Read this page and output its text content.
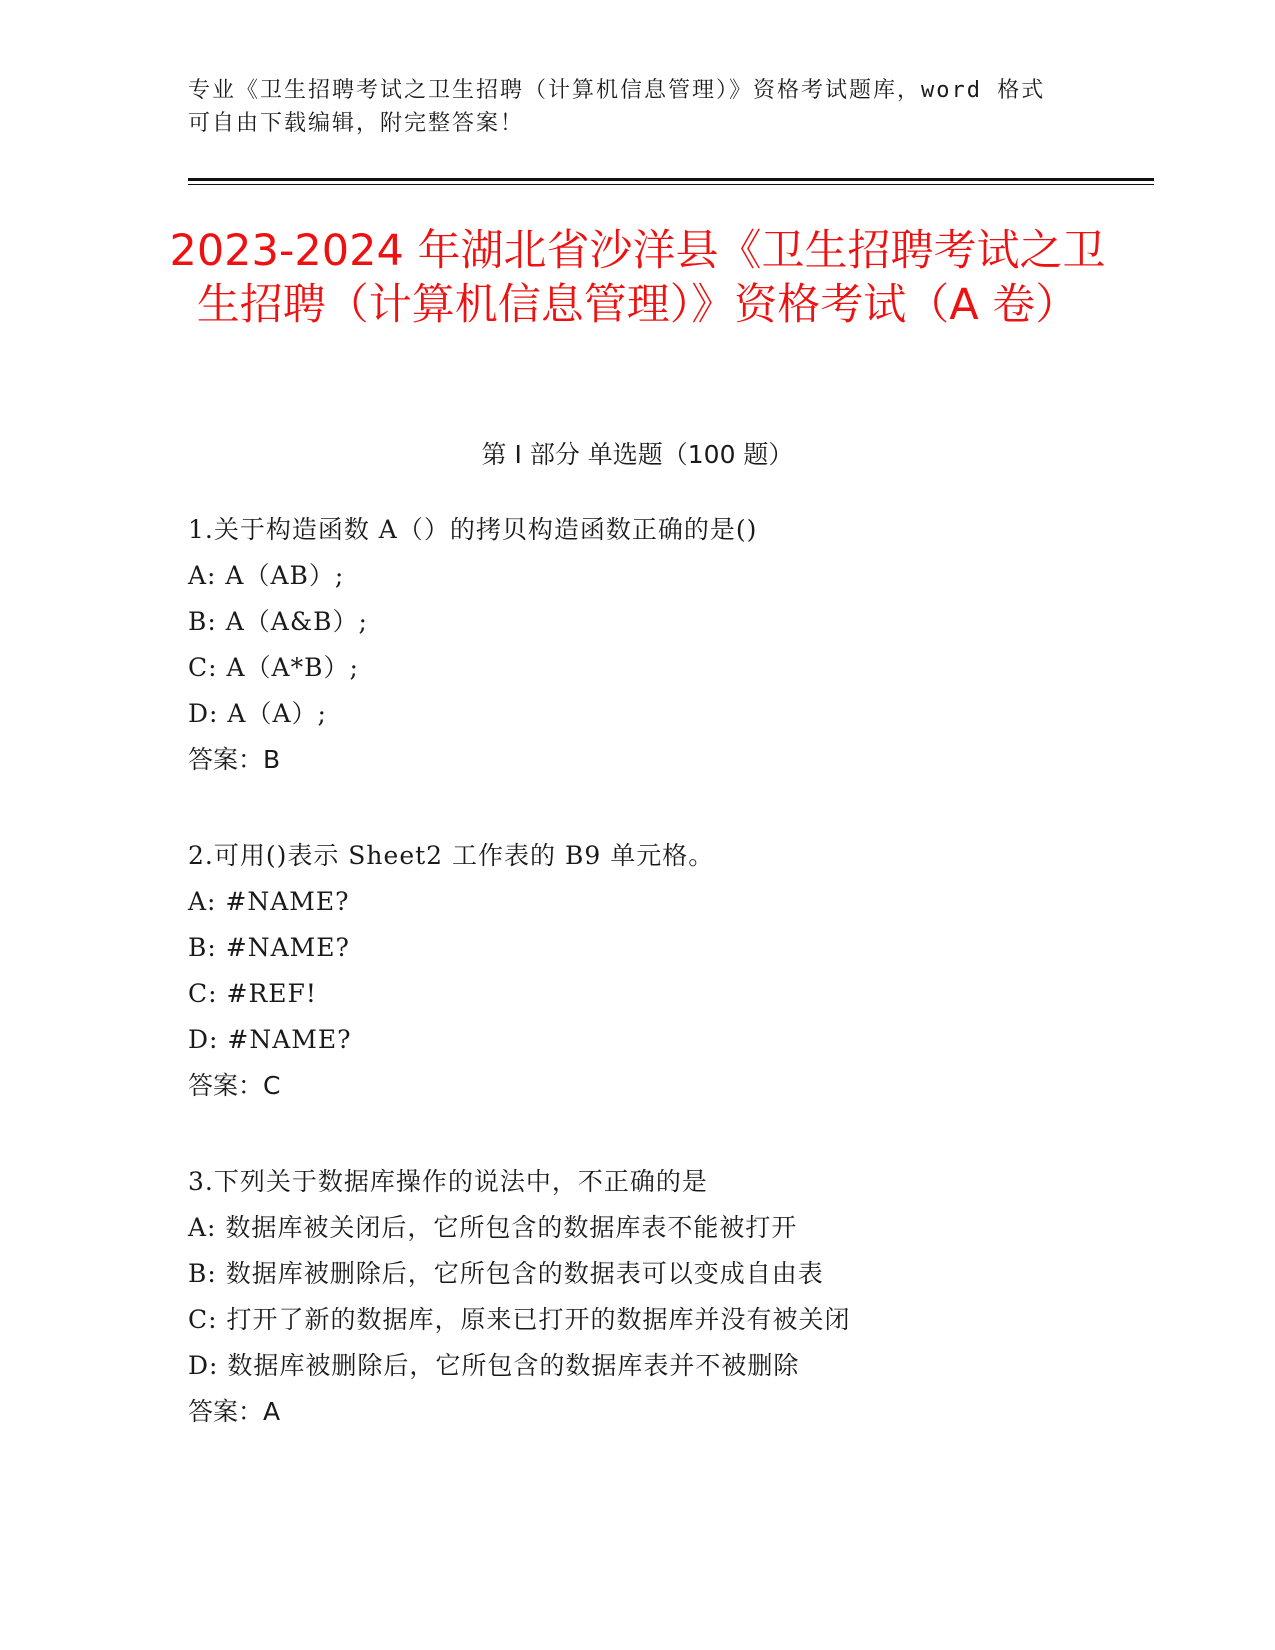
专业《卫生招聘考试之卫生招聘（计算机信息管理）》资格考试题库，word 格式可自由下载编辑，附完整答案！
2023-2024 年湖北省沙洋县《卫生招聘考试之卫生招聘（计算机信息管理）》资格考试（A 卷）
第 I 部分 单选题（100 题）
1.关于构造函数 A（）的拷贝构造函数正确的是()
A: A（AB）;
B: A（A&B）;
C: A（A*B）;
D: A（A）;
答案：B
2.可用()表示 Sheet2 工作表的 B9 单元格。
A: #NAME?
B: #NAME?
C: #REF!
D: #NAME?
答案：C
3.下列关于数据库操作的说法中，不正确的是
A: 数据库被关闭后，它所包含的数据库表不能被打开
B: 数据库被删除后，它所包含的数据表可以变成自由表
C: 打开了新的数据库，原来已打开的数据库并没有被关闭
D: 数据库被删除后，它所包含的数据库表并不被删除
答案：A
